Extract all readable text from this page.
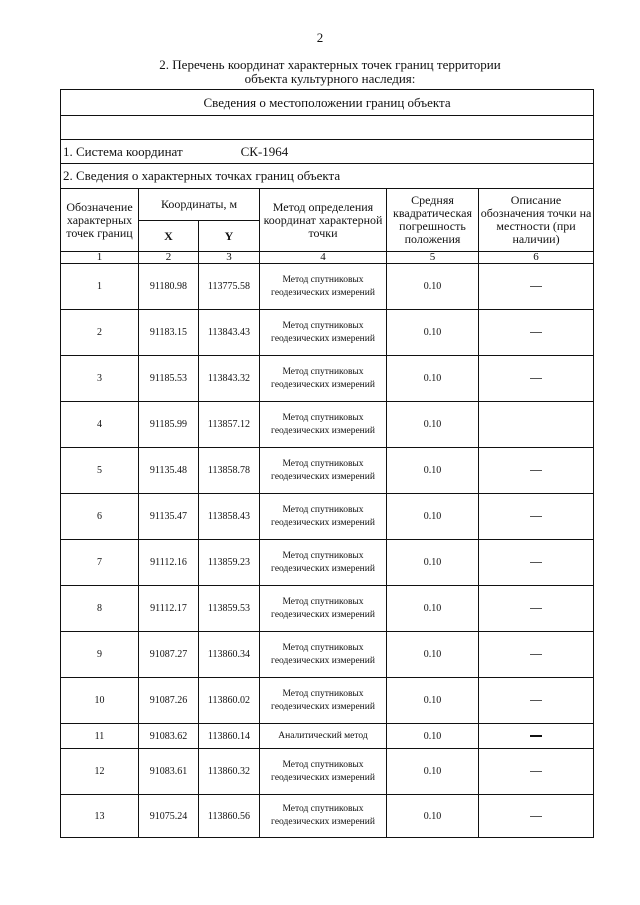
2
2. Перечень координат характерных точек границ территории
объекта культурного наследия:
Сведения о местоположении границ объекта					

1. Система координат СК-1964					
2. Сведения о характерных точках границ объекта					
Обозначение характерных точек границ	Координаты, м		Метод определения координат характерной точки	Средняя квадратическая погрешность положения	Описание обозначения точки на местности (при наличии)
	X	Y			
1	2	3	4	5	6
1	91180.98	113775.58	Метод спутниковых геодезических измерений	0.10	
2	91183.15	113843.43	Метод спутниковых геодезических измерений	0.10	
3	91185.53	113843.32	Метод спутниковых геодезических измерений	0.10	
4	91185.99	113857.12	Метод спутниковых геодезических измерений	0.10	
5	91135.48	113858.78	Метод спутниковых геодезических измерений	0.10	
6	91135.47	113858.43	Метод спутниковых геодезических измерений	0.10	
7	91112.16	113859.23	Метод спутниковых геодезических измерений	0.10	
8	91112.17	113859.53	Метод спутниковых геодезических измерений	0.10	
9	91087.27	113860.34	Метод спутниковых геодезических измерений	0.10	
10	91087.26	113860.02	Метод спутниковых геодезических измерений	0.10	
11	91083.62	113860.14	Аналитический метод	0.10	
12	91083.61	113860.32	Метод спутниковых геодезических измерений	0.10	
13	91075.24	113860.56	Метод спутниковых геодезических измерений	0.10	
